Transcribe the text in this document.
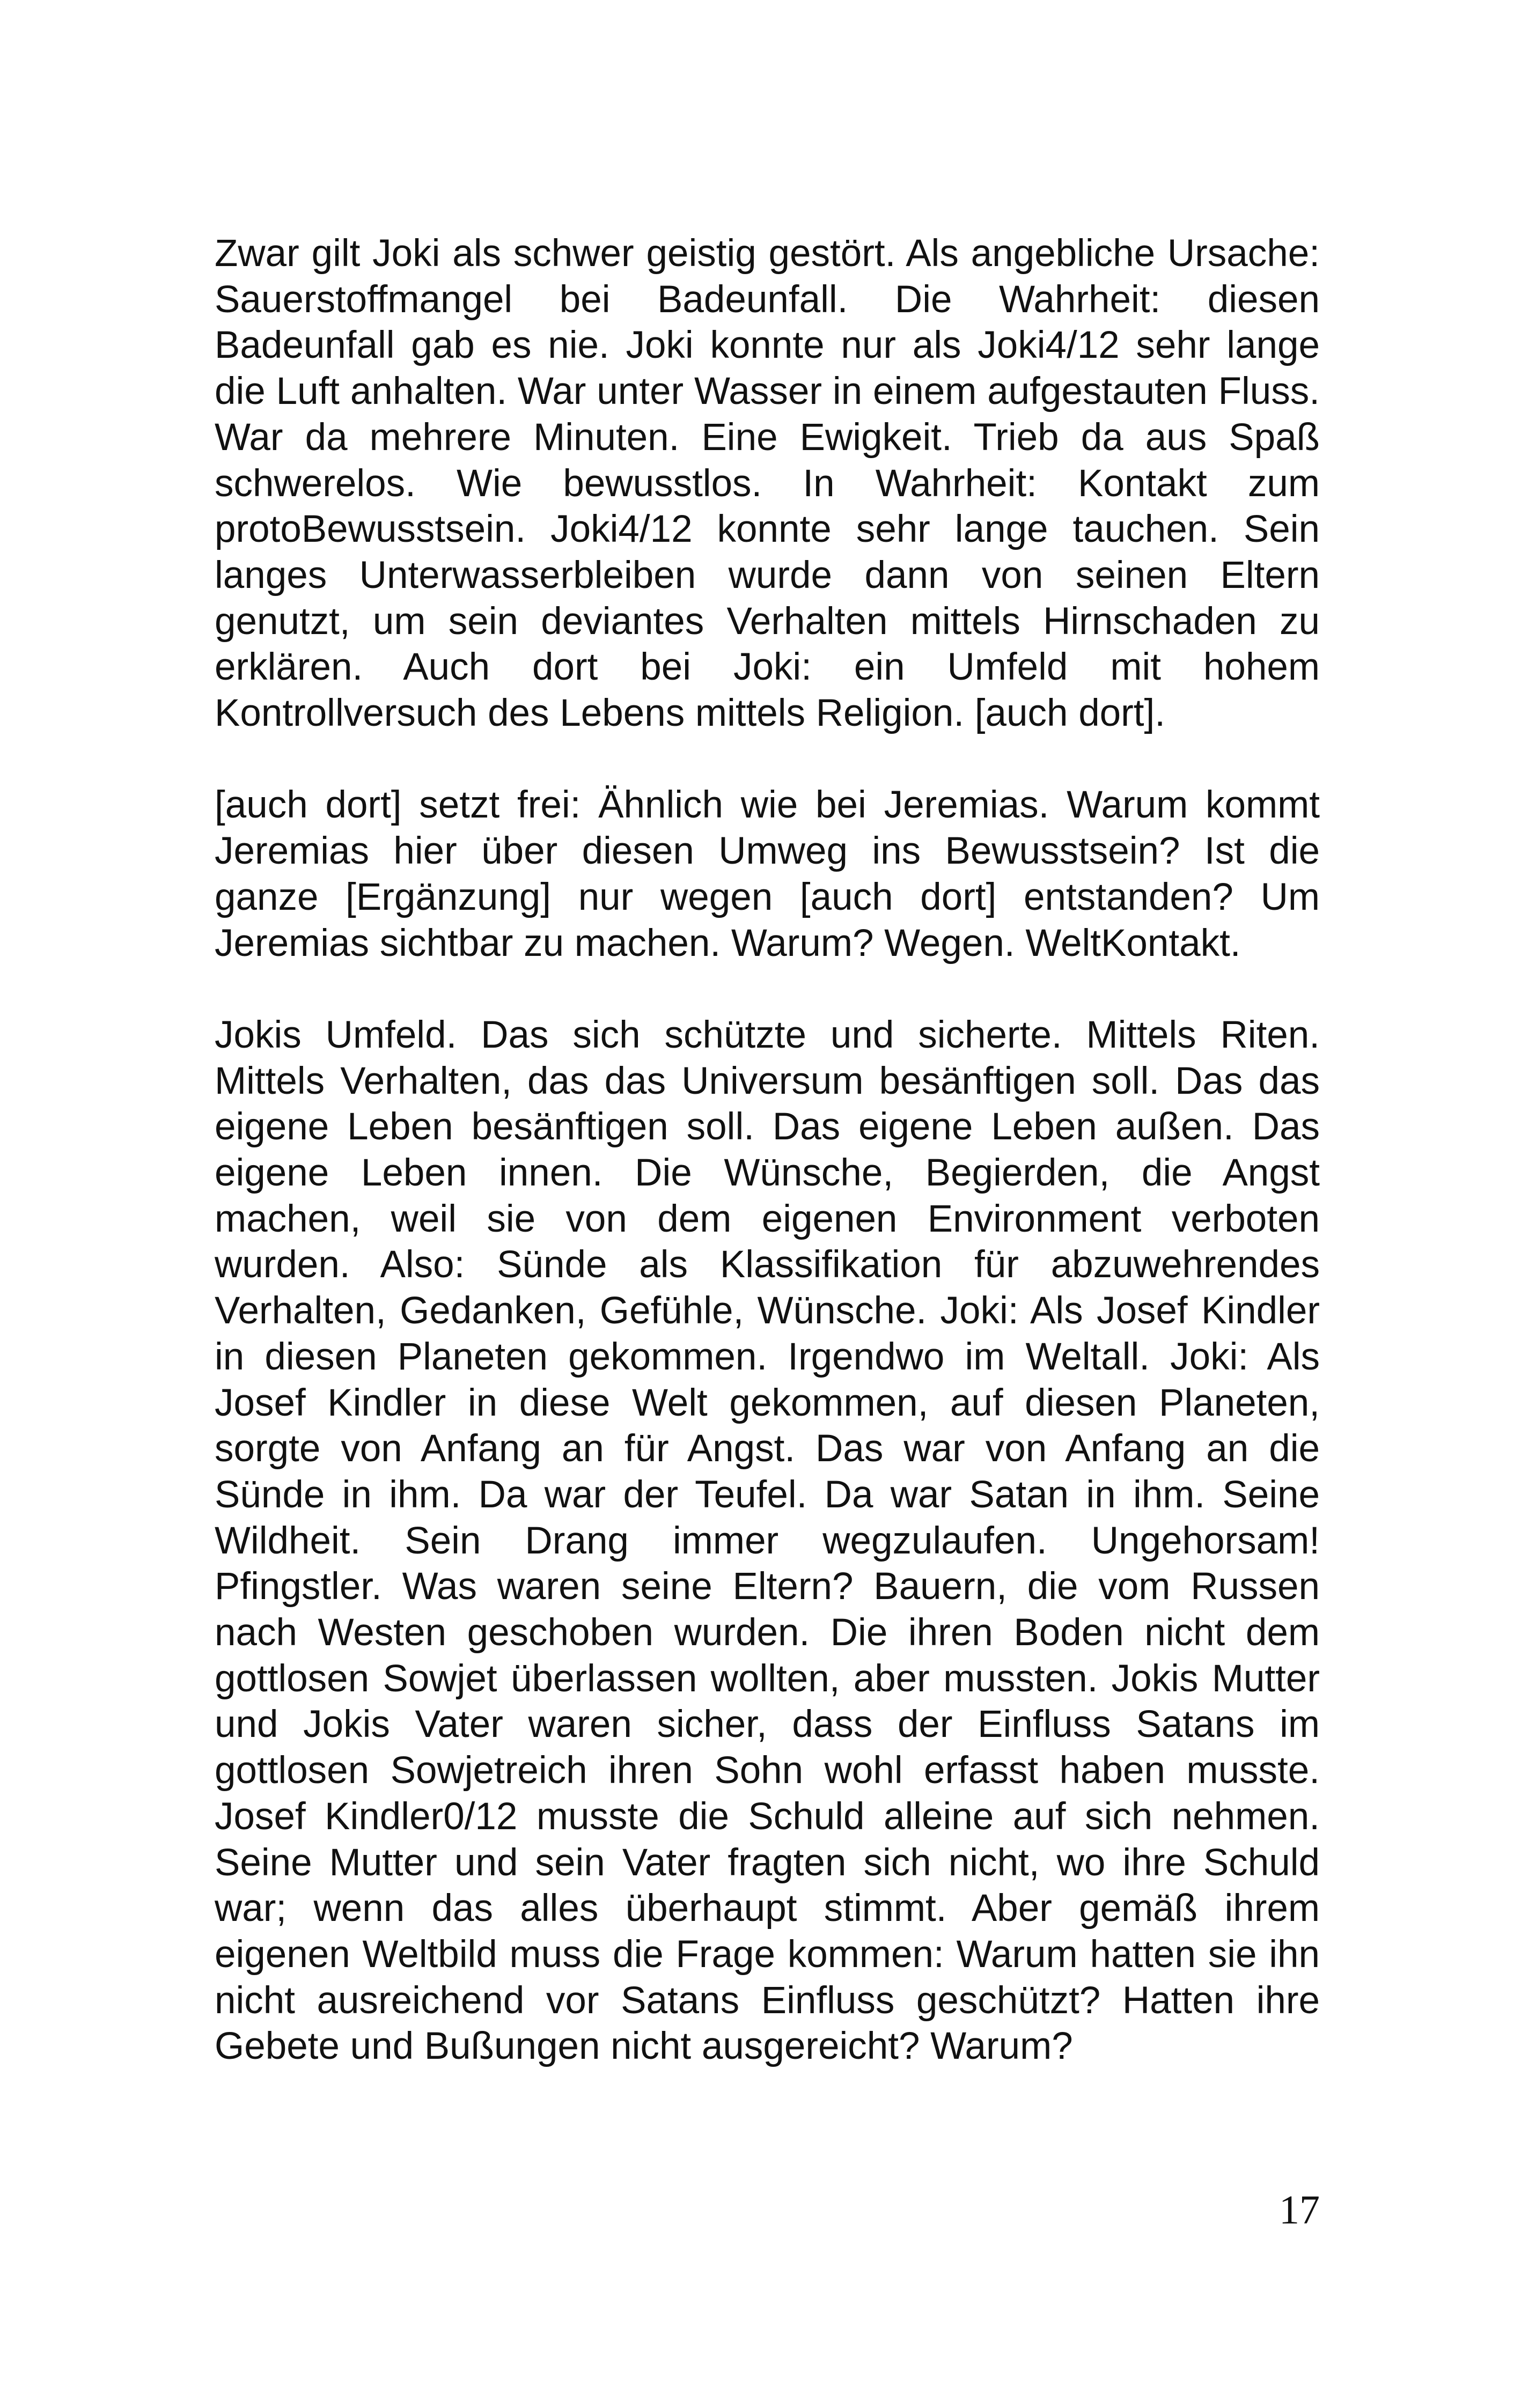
Zwar gilt Joki als schwer geistig gestört. Als angebliche Ursache: Sauerstoffmangel bei Badeunfall. Die Wahrheit: diesen Badeunfall gab es nie. Joki konnte nur als Joki4/12 sehr lange die Luft anhalten. War unter Wasser in einem aufgestauten Fluss. War da mehrere Minuten. Eine Ewigkeit. Trieb da aus Spaß schwerelos. Wie bewusstlos. In Wahrheit: Kontakt zum protoBewusstsein. Joki4/12 konnte sehr lange tauchen. Sein langes Unterwasserbleiben wurde dann von seinen Eltern genutzt, um sein deviantes Verhalten mittels Hirnschaden zu erklären. Auch dort bei Joki: ein Umfeld mit hohem Kontrollversuch des Lebens mittels Religion. [auch dort].

[auch dort] setzt frei: Ähnlich wie bei Jeremias. Warum kommt Jeremias hier über diesen Umweg ins Bewusstsein? Ist die ganze [Ergänzung] nur wegen [auch dort] entstanden? Um Jeremias sichtbar zu machen. Warum? Wegen. WeltKontakt.

Jokis Umfeld. Das sich schützte und sicherte. Mittels Riten. Mittels Verhalten, das das Universum besänftigen soll. Das das eigene Leben besänftigen soll. Das eigene Leben außen. Das eigene Leben innen. Die Wünsche, Begierden, die Angst machen, weil sie von dem eigenen Environment verboten wurden. Also: Sünde als Klassifikation für abzuwehrendes Verhalten, Gedanken, Gefühle, Wünsche. Joki: Als Josef Kindler in diesen Planeten gekommen. Irgendwo im Weltall. Joki: Als Josef Kindler in diese Welt gekommen, auf diesen Planeten, sorgte von Anfang an für Angst. Das war von Anfang an die Sünde in ihm. Da war der Teufel. Da war Satan in ihm. Seine Wildheit. Sein Drang immer wegzulaufen. Ungehorsam! Pfingstler. Was waren seine Eltern? Bauern, die vom Russen nach Westen geschoben wurden. Die ihren Boden nicht dem gottlosen Sowjet überlassen wollten, aber mussten. Jokis Mutter und Jokis Vater waren sicher, dass der Einfluss Satans im gottlosen Sowjetreich ihren Sohn wohl erfasst haben musste. Josef Kindler0/12 musste die Schuld alleine auf sich nehmen. Seine Mutter und sein Vater fragten sich nicht, wo ihre Schuld war; wenn das alles überhaupt stimmt. Aber gemäß ihrem eigenen Weltbild muss die Frage kommen: Warum hatten sie ihn nicht ausreichend vor Satans Einfluss geschützt? Hatten ihre Gebete und Bußungen nicht ausgereicht? Warum?

17
